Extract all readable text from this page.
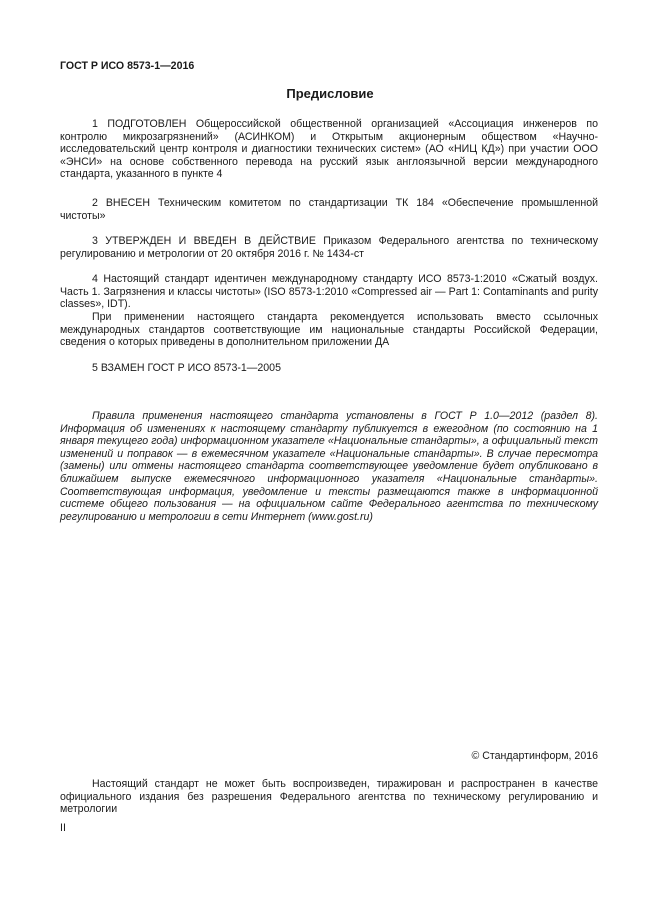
ГОСТ Р ИСО 8573-1—2016
Предисловие

1 ПОДГОТОВЛЕН Общероссийской общественной организацией «Ассоциация инженеров по контролю микрозагрязнений» (АСИНКОМ) и Открытым акционерным обществом «Научно-исследовательский центр контроля и диагностики технических систем» (АО «НИЦ КД») при участии ООО «ЭНСИ» на основе собственного перевода на русский язык англоязычной версии международного стандарта, указанного в пункте 4

2 ВНЕСЕН Техническим комитетом по стандартизации ТК 184 «Обеспечение промышленной чистоты»

3 УТВЕРЖДЕН И ВВЕДЕН В ДЕЙСТВИЕ Приказом Федерального агентства по техническому регулированию и метрологии от 20 октября 2016 г. № 1434-ст

4 Настоящий стандарт идентичен международному стандарту ИСО 8573-1:2010 «Сжатый воздух. Часть 1. Загрязнения и классы чистоты» (ISO 8573-1:2010 «Compressed air — Part 1: Contaminants and purity classes», IDT).

При применении настоящего стандарта рекомендуется использовать вместо ссылочных международных стандартов соответствующие им национальные стандарты Российской Федерации, сведения о которых приведены в дополнительном приложении ДА

5 ВЗАМЕН ГОСТ Р ИСО 8573-1—2005

Правила применения настоящего стандарта установлены в ГОСТ Р 1.0—2012 (раздел 8). Информация об изменениях к настоящему стандарту публикуется в ежегодном (по состоянию на 1 января текущего года) информационном указателе «Национальные стандарты», а официальный текст изменений и поправок — в ежемесячном указателе «Национальные стандарты». В случае пересмотра (замены) или отмены настоящего стандарта соответствующее уведомление будет опубликовано в ближайшем выпуске ежемесячного информационного указателя «Национальные стандарты». Соответствующая информация, уведомление и тексты размещаются также в информационной системе общего пользования — на официальном сайте Федерального агентства по техническому регулированию и метрологии в сети Интернет (www.gost.ru)

© Стандартинформ, 2016

Настоящий стандарт не может быть воспроизведен, тиражирован и распространен в качестве официального издания без разрешения Федерального агентства по техническому регулированию и метрологии

II
